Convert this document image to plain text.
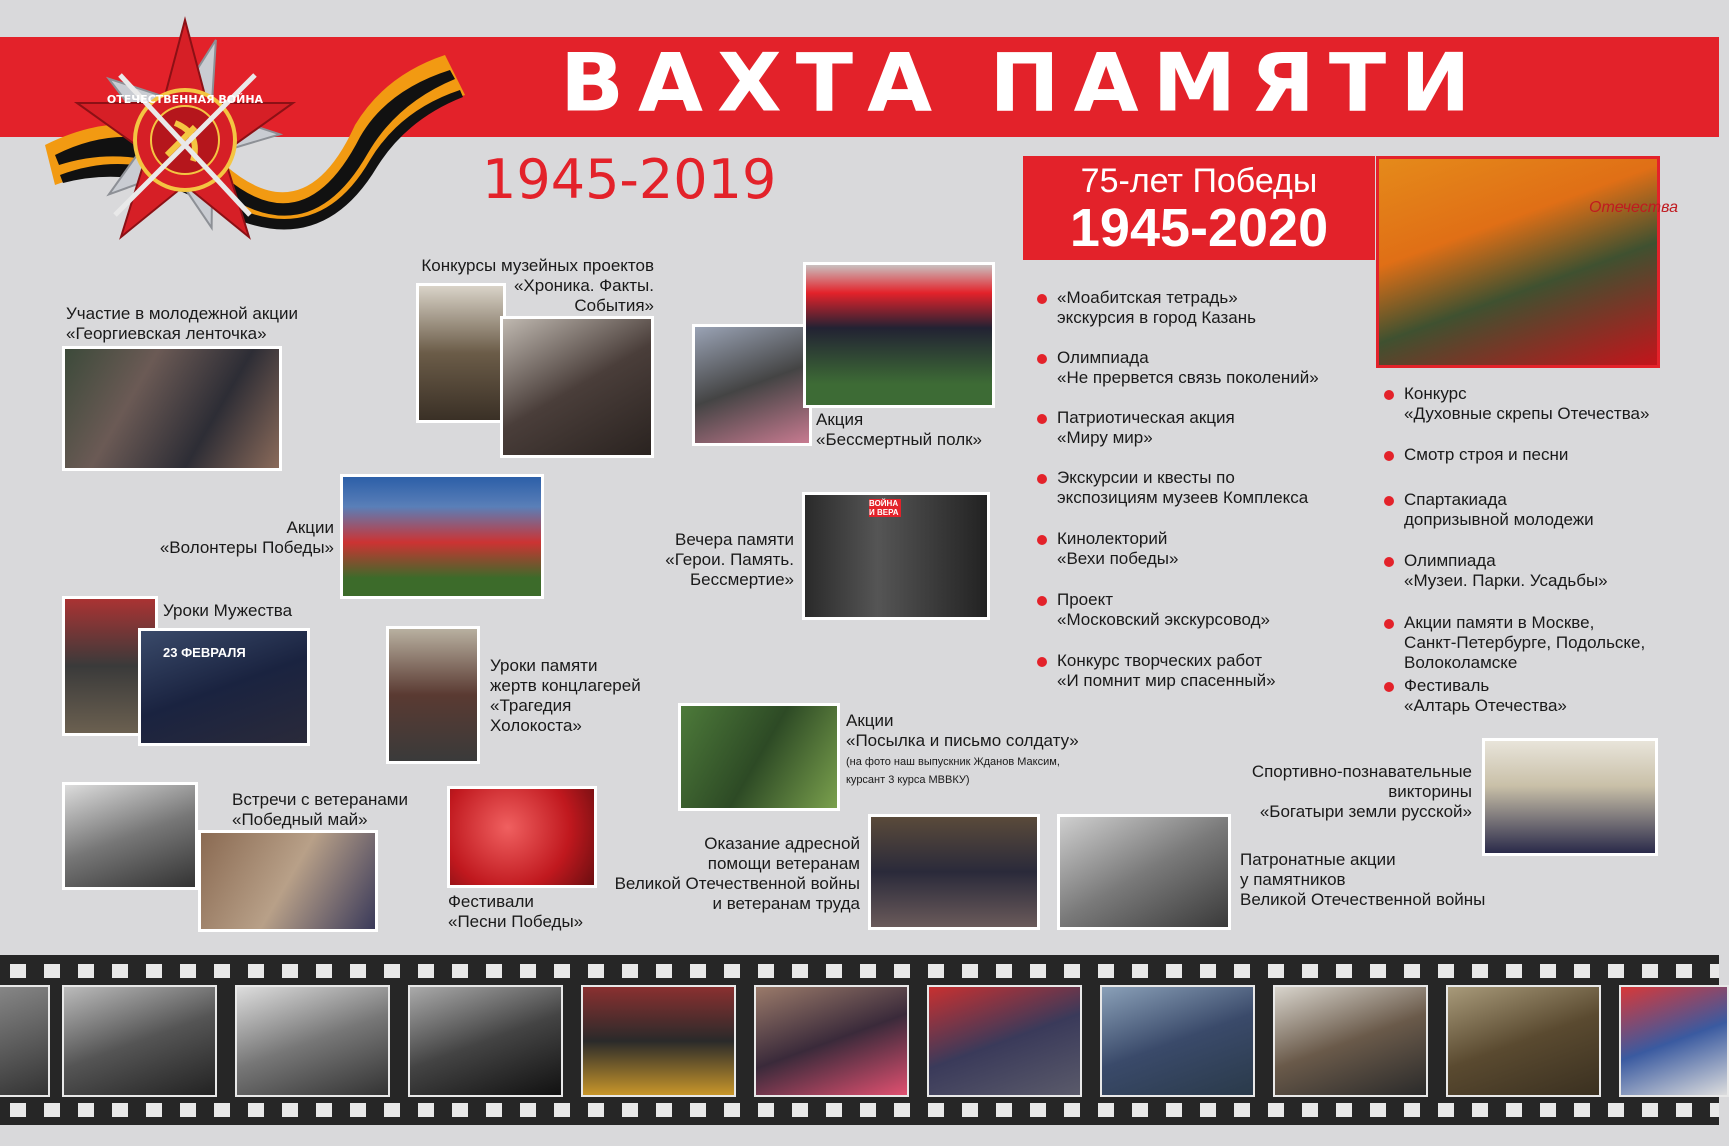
ВАХТА ПАМЯТИ
1945-2019
ОТЕЧЕСТВЕННАЯ ВОЙНА
75-лет Победы
1945-2020	Отечества
Участие в молодежной акции
«Георгиевская ленточка»
Конкурсы музейных проектов
«Хроника. Факты.
События»
Акция
«Бессмертный полк»
Акции
«Волонтеры Победы»
ВОЙНА И ВЕРА
Вечера памяти
«Герои. Память.
Бессмертие»
23 ФЕВРАЛЯ
Уроки Мужества
Уроки памяти
жертв концлагерей
«Трагедия
Холокоста»	Акции
«Посылка и письмо солдату»
(на фото наш выпускник Жданов Максим,
курсант 3 курса МВВКУ)
Встречи с ветеранами
«Победный май»
Фестивали
«Песни Победы»
Оказание адресной
помощи ветеранам
Великой Отечественной войны
и ветеранам труда
Патронатные акции
у памятников
Великой Отечественной войны
Спортивно-познавательные
викторины
«Богатыри земли русской»
«Моабитская тетрадь»
экскурсия в город Казань
Олимпиада
«Не прервется связь поколений»
Патриотическая акция
«Миру мир»
Экскурсии и квесты по
экспозициям музеев Комплекса
Кинолекторий
«Вехи победы»
Проект
«Московский экскурсовод»
Конкурс творческих работ
«И помнит мир спасенный»
Конкурс
«Духовные скрепы Отечества»
Смотр строя и песни
Спартакиада
допризывной молодежи
Олимпиада
«Музеи. Парки. Усадьбы»
Акции памяти в Москве,
Санкт-Петербурге, Подольске,
Волоколамске
Фестиваль
«Алтарь Отечества»
